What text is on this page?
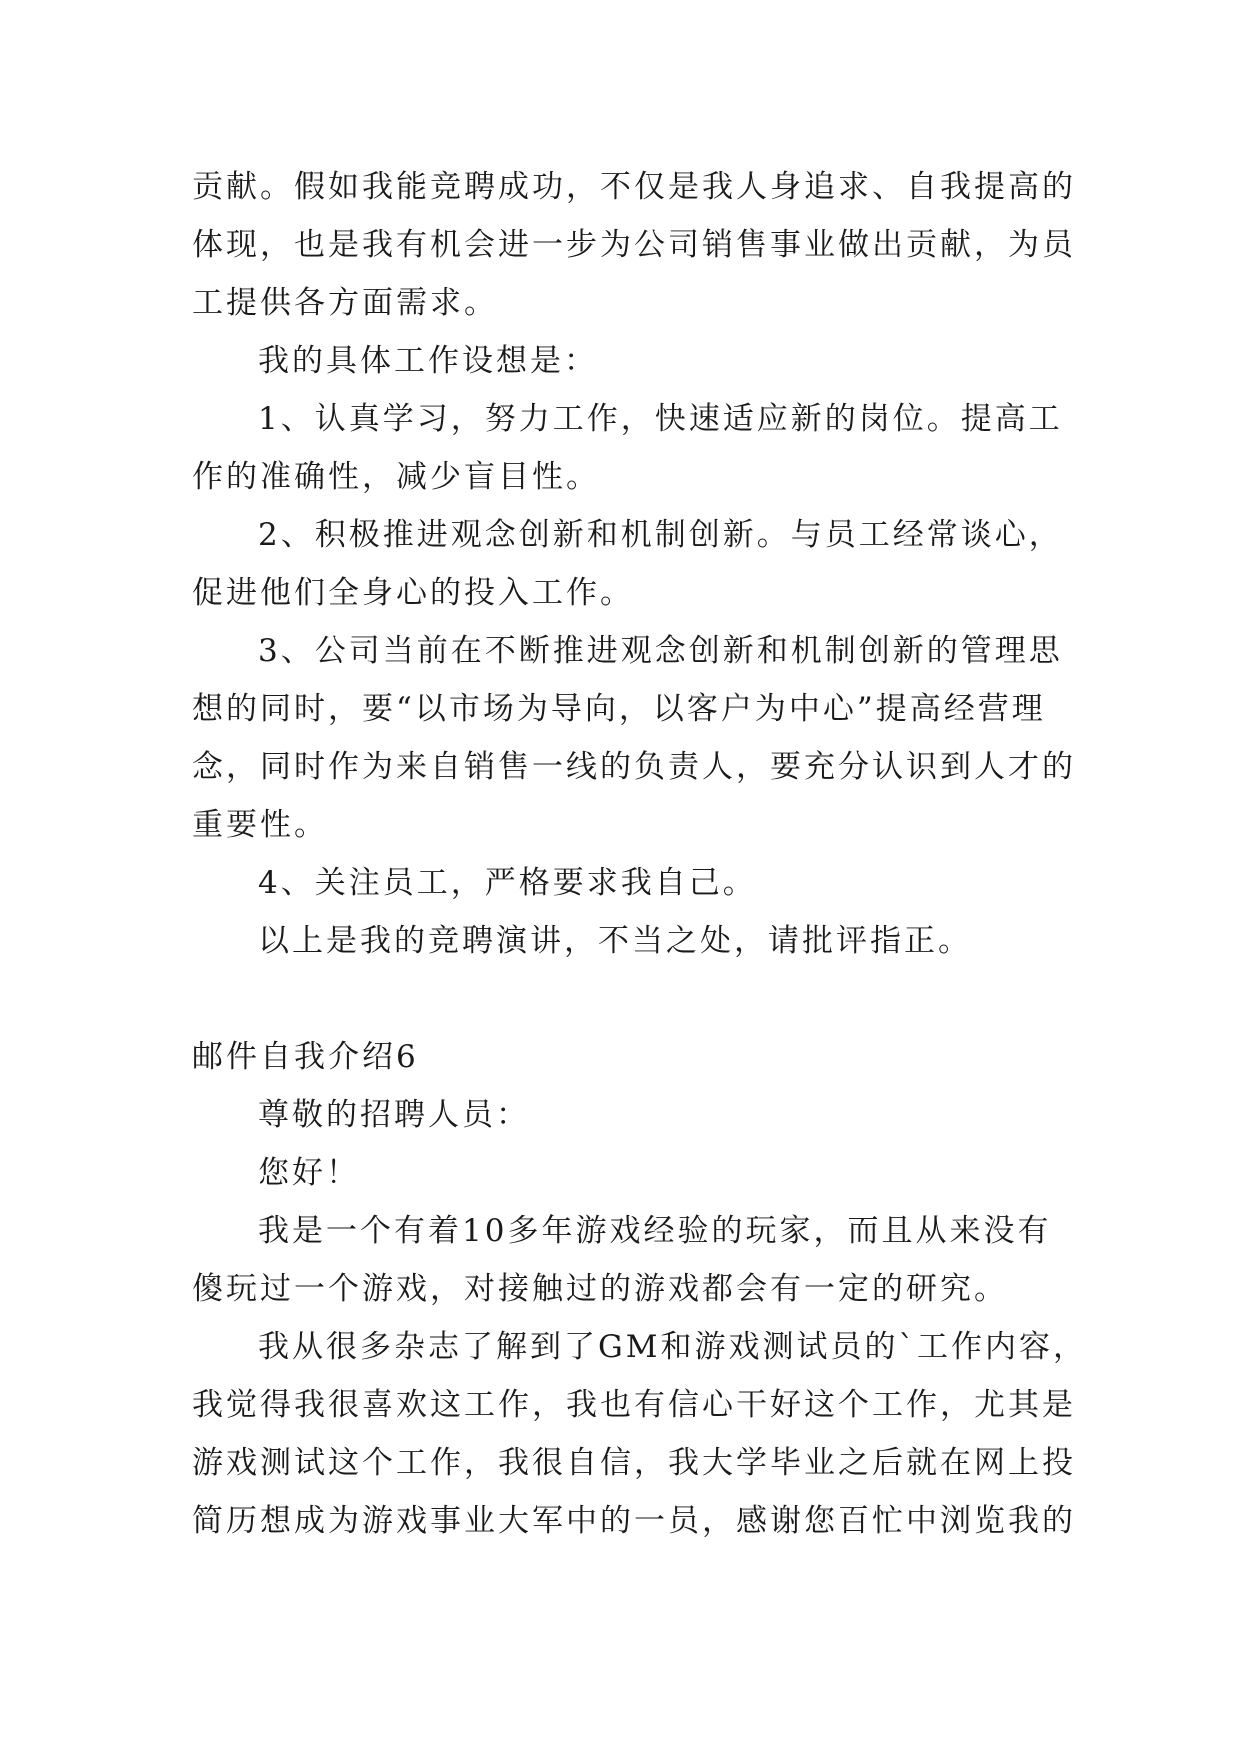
贡献。假如我能竞聘成功，不仅是我人身追求、自我提高的
体现，也是我有机会进一步为公司销售事业做出贡献，为员
工提供各方面需求。
我的具体工作设想是：
1、认真学习，努力工作，快速适应新的岗位。提高工
作的准确性，减少盲目性。
2、积极推进观念创新和机制创新。与员工经常谈心，
促进他们全身心的投入工作。
3、公司当前在不断推进观念创新和机制创新的管理思
想的同时，要“以市场为导向，以客户为中心”提高经营理
念，同时作为来自销售一线的负责人，要充分认识到人才的
重要性。
4、关注员工，严格要求我自己。
以上是我的竞聘演讲，不当之处，请批评指正。
邮件自我介绍6
尊敬的招聘人员：
您好！
我是一个有着10多年游戏经验的玩家，而且从来没有
傻玩过一个游戏，对接触过的游戏都会有一定的研究。
我从很多杂志了解到了GM和游戏测试员的`工作内容，
我觉得我很喜欢这工作，我也有信心干好这个工作，尤其是
游戏测试这个工作，我很自信，我大学毕业之后就在网上投
简历想成为游戏事业大军中的一员，感谢您百忙中浏览我的
